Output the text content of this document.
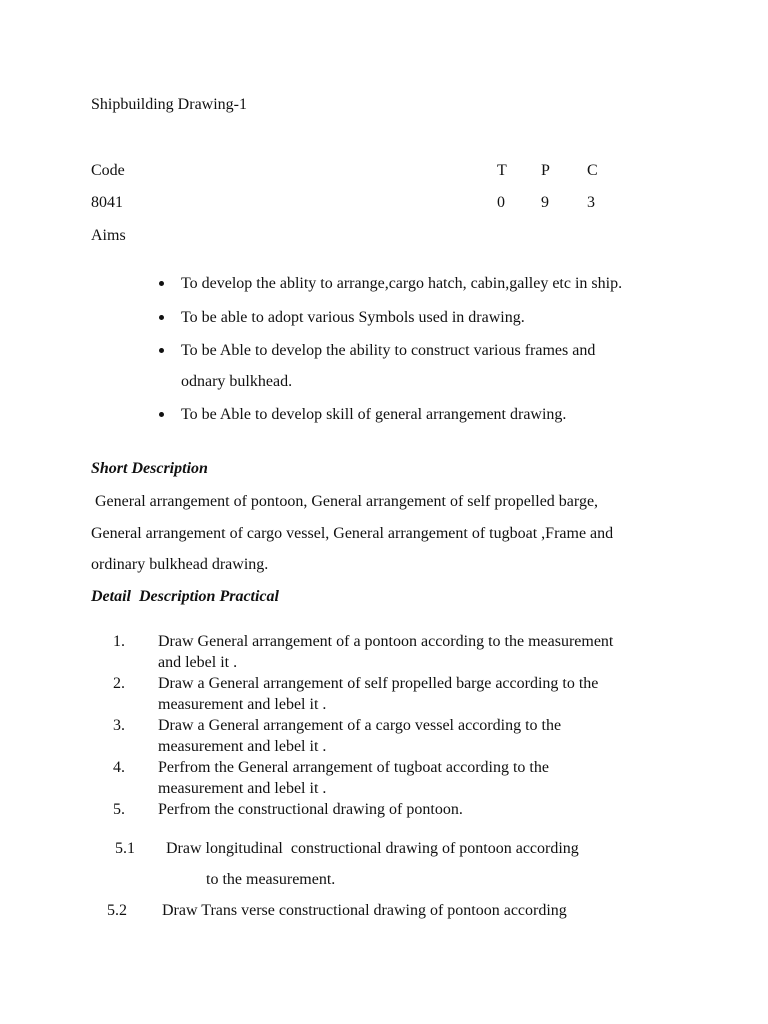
Shipbuilding Drawing-1
Code	T P C
8041	0 9 3
Aims
To develop the ablity to arrange,cargo hatch, cabin,galley etc in ship.
To be able to adopt various Symbols used in drawing.
To be Able to develop the ability to construct various frames and
odnary bulkhead.
To be Able to develop skill of general arrangement drawing.
Short Description
General arrangement of pontoon, General arrangement of self propelled barge,
General arrangement of cargo vessel, General arrangement of tugboat ,Frame and
ordinary bulkhead drawing.
Detail  Description Practical
1. Draw General arrangement of a pontoon according to the measurement
and lebel it .
2. Draw a General arrangement of self propelled barge according to the
measurement and lebel it .
3. Draw a General arrangement of a cargo vessel according to the
measurement and lebel it .
4. Perfrom the General arrangement of tugboat according to the
measurement and lebel it .
5. Perfrom the constructional drawing of pontoon.
5.1 Draw longitudinal  constructional drawing of pontoon according
to the measurement.
5.2 Draw Trans verse constructional drawing of pontoon according
